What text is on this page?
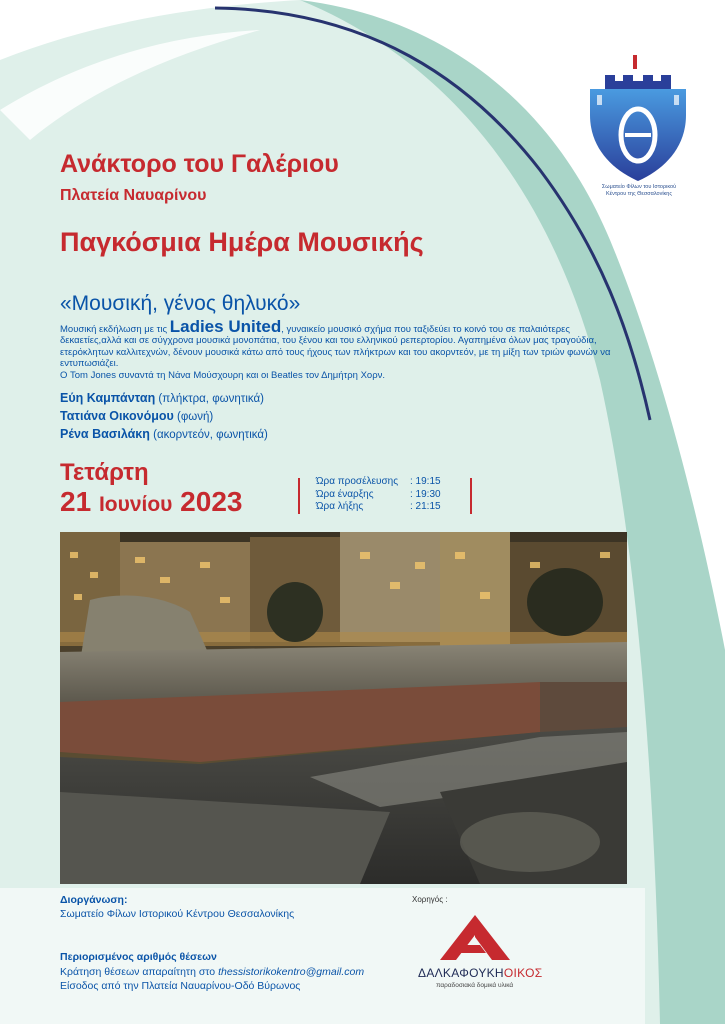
Σωματείο Φίλων του Ιστορικού Κέντρου της Θεσσαλονίκης
Ανάκτορο του Γαλέριου
Πλατεία Ναυαρίνου
Παγκόσμια Ημέρα Μουσικής
«Μουσική, γένος θηλυκό»
Μουσική εκδήλωση με τις Ladies United, γυναικείο μουσικό σχήμα που ταξιδεύει το κοινό του σε παλαιότερες δεκαετίες,αλλά και σε σύγχρονα μουσικά μονοπάτια, του ξένου και του ελληνικού ρεπερτορίου. Αγαπημένα όλων μας τραγούδια, ετερόκλητων καλλιτεχνών, δένουν μουσικά κάτω από τους ήχους των πλήκτρων και του ακορντεόν, με τη μίξη των τριών φωνών να εντυπωσιάζει.
Ο Tom Jones συναντά τη Νάνα Μούσχουρη και οι Beatles τον Δημήτρη Χορν.
Εύη Καμπάνταη (πλήκτρα, φωνητικά)
Τατιάνα Οικονόμου (φωνή)
Ρένα Βασιλάκη (ακορντεόν, φωνητικά)
Τετάρτη
21 Ιουνίου 2023
Ώρα προσέλευσης	: 19:15
Ώρα έναρξης	: 19:30
Ώρα λήξης	: 21:15
Διοργάνωση:
Σωματείο Φίλων Ιστορικού Κέντρου Θεσσαλονίκης
Περιορισμένος αριθμός θέσεων
Κράτηση θέσεων απαραίτητη στο thessistorikokentro@gmail.com
Είσοδος από την Πλατεία Ναυαρίνου-Οδό Βύρωνος
Χορηγός :
ΔΑΛΚΑΦΟΥΚΗΟΙΚΟΣ
παραδοσιακά δομικά υλικά
